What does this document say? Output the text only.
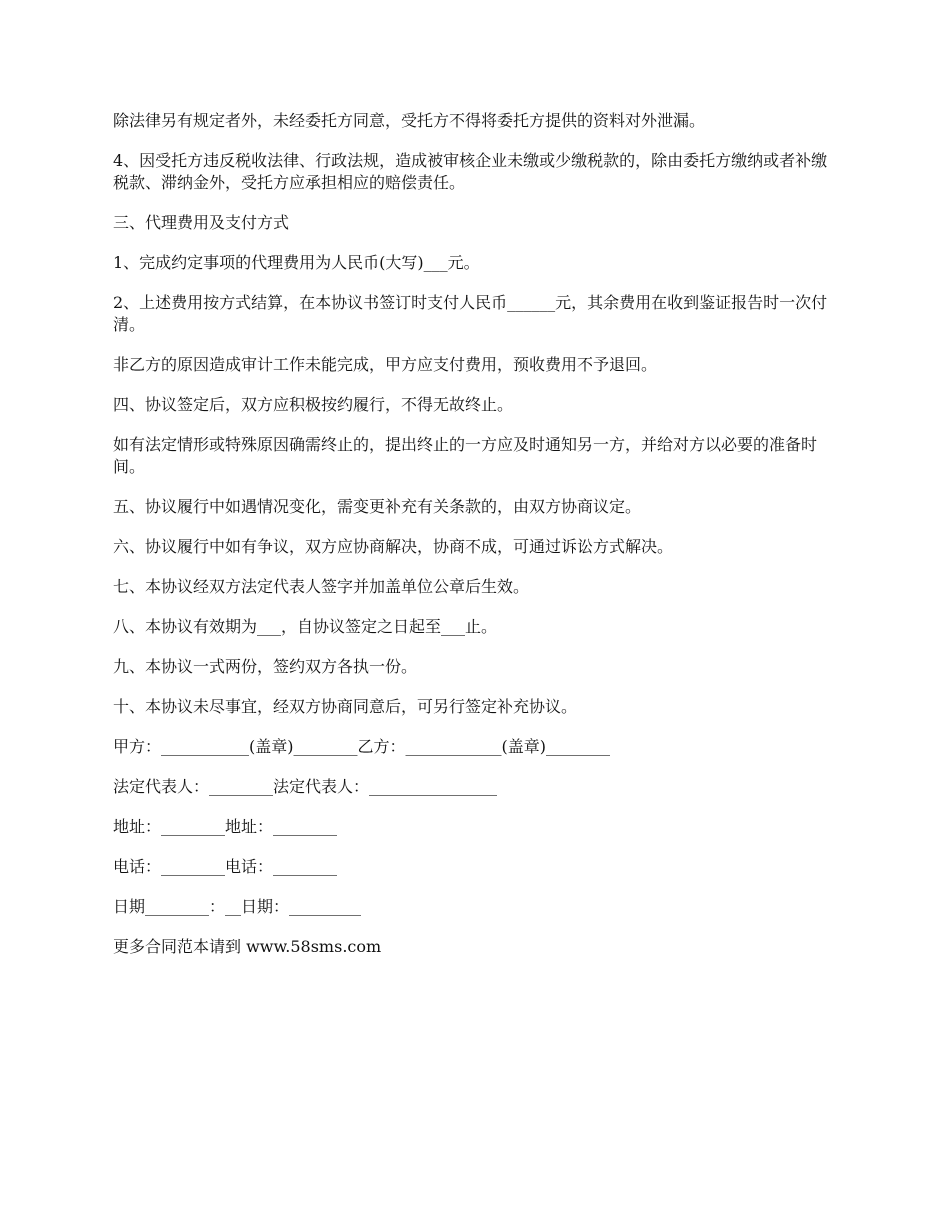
除法律另有规定者外，未经委托方同意，受托方不得将委托方提供的资料对外泄漏。

4、因受托方违反税收法律、行政法规，造成被审核企业未缴或少缴税款的，除由委托方缴纳或者补缴税款、滞纳金外，受托方应承担相应的赔偿责任。

三、代理费用及支付方式

1、完成约定事项的代理费用为人民币(大写)___元。

2、上述费用按方式结算，在本协议书签订时支付人民币______元，其余费用在收到鉴证报告时一次付清。

非乙方的原因造成审计工作未能完成，甲方应支付费用，预收费用不予退回。

四、协议签定后，双方应积极按约履行，不得无故终止。

如有法定情形或特殊原因确需终止的，提出终止的一方应及时通知另一方，并给对方以必要的准备时间。

五、协议履行中如遇情况变化，需变更补充有关条款的，由双方协商议定。

六、协议履行中如有争议，双方应协商解决，协商不成，可通过诉讼方式解决。

七、本协议经双方法定代表人签字并加盖单位公章后生效。

八、本协议有效期为___，自协议签定之日起至___止。

九、本协议一式两份，签约双方各执一份。

十、本协议未尽事宜，经双方协商同意后，可另行签定补充协议。

甲方：___________(盖章)________乙方：____________(盖章)________

法定代表人：________法定代表人：________________

地址：________地址：________

电话：________电话：________

日期________：__日期：_________

更多合同范本请到 www.58sms.com
